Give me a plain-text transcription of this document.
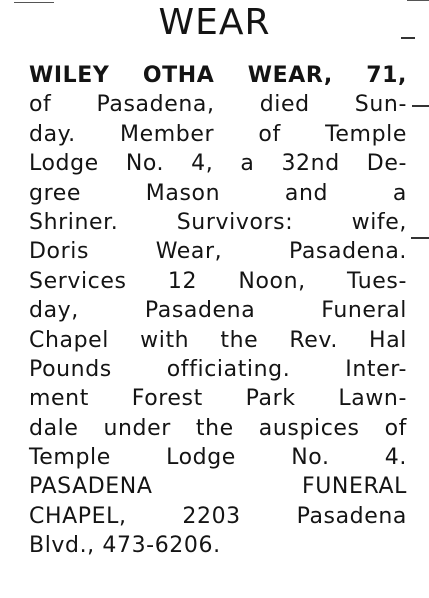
WEAR
WILEY OTHA WEAR, 71,
of Pasadena, died Sun-
day. Member of Temple
Lodge No. 4, a 32nd De-
gree Mason and a
Shriner. Survivors: wife,
Doris Wear, Pasadena.
Services 12 Noon, Tues-
day, Pasadena Funeral
Chapel with the Rev. Hal
Pounds officiating. Inter-
ment Forest Park Lawn-
dale under the auspices of
Temple Lodge No. 4.
PASADENA FUNERAL
CHAPEL, 2203 Pasadena
Blvd., 473-6206.
